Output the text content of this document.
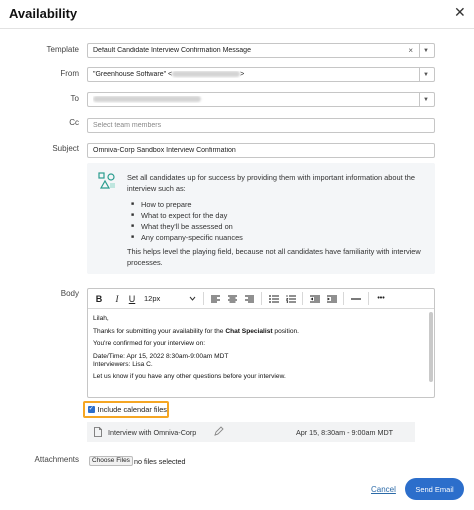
Availability	✕
Template Default Candidate Interview Confirmation Message	×	▼
From "Greenhouse Software" <	>	▼
To	▼
Cc
Select team members
Subject
Omniva-Corp Sandbox Interview Confirmation
Set all candidates up for success by providing them with important information about the interview such as:
■ How to prepare
■ What to expect for the day
■ What they'll be assessed on
■ Any company-specific nuances
This helps level the playing field, because not all candidates have familiarity with interview processes.
Body	B	I	U	12px	•••

Lilah,

Thanks for submitting your availability for the Chat Specialist position.

You're confirmed for your interview on:

Date/Time: Apr 15, 2022 8:30am-9:00am MDT
Interviewers: Lisa C.

Let us know if you have any other questions before your interview.

✓ Include calendar files
Interview with Omniva-Corp	Apr 15, 8:30am - 9:00am MDT
Attachments	Choose Files no files selected
Cancel	Send Email
